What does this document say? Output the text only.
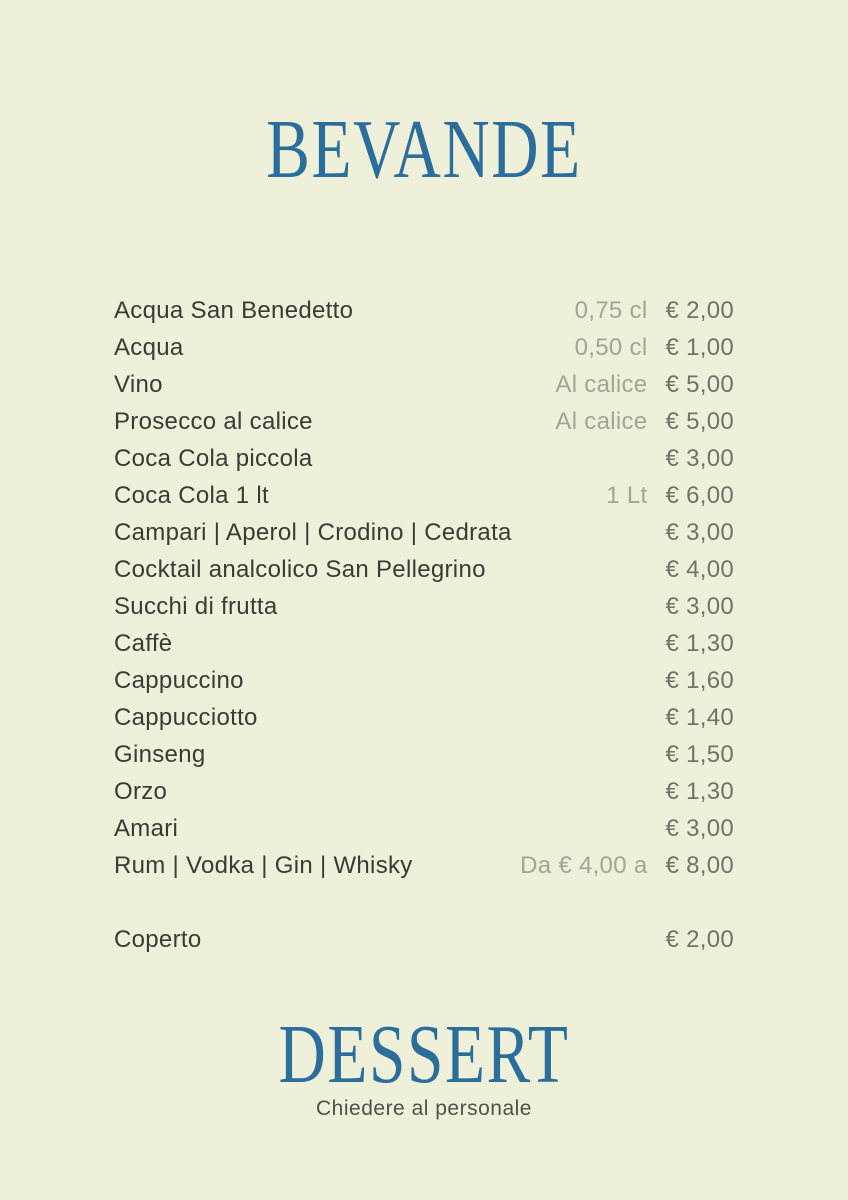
BEVANDE
Acqua San Benedetto	0,75 cl € 2,00
Acqua	0,50 cl € 1,00
Vino	Al calice € 5,00
Prosecco al calice	Al calice € 5,00
Coca Cola piccola	€ 3,00
Coca Cola 1 lt	1 Lt € 6,00
Campari | Aperol | Crodino | Cedrata	€ 3,00
Cocktail analcolico San Pellegrino	€ 4,00
Succhi di frutta	€ 3,00
Caffè	€ 1,30
Cappuccino	€ 1,60
Cappucciotto	€ 1,40
Ginseng	€ 1,50
Orzo	€ 1,30
Amari	€ 3,00
Rum | Vodka | Gin | Whisky	Da € 4,00 a € 8,00
Coperto	€ 2,00
DESSERT
Chiedere al personale
